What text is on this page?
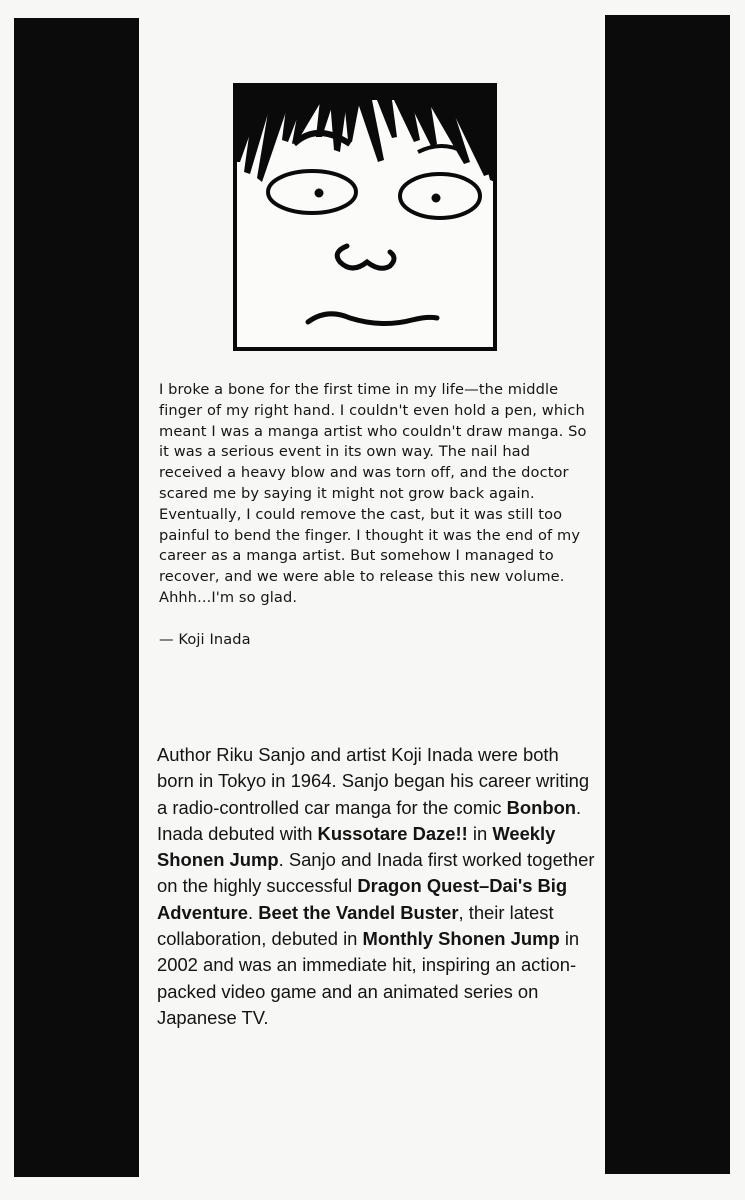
I broke a bone for the first time in my life—the middle finger of my right hand. I couldn't even hold a pen, which meant I was a manga artist who couldn't draw manga. So it was a serious event in its own way. The nail had received a heavy blow and was torn off, and the doctor scared me by saying it might not grow back again. Eventually, I could remove the cast, but it was still too painful to bend the finger. I thought it was the end of my career as a manga artist. But somehow I managed to recover, and we were able to release this new volume. Ahhh...I'm so glad.

— Koji Inada

Author Riku Sanjo and artist Koji Inada were both born in Tokyo in 1964. Sanjo began his career writing a radio-controlled car manga for the comic Bonbon. Inada debuted with Kussotare Daze!! in Weekly Shonen Jump. Sanjo and Inada first worked together on the highly successful Dragon Quest–Dai's Big Adventure. Beet the Vandel Buster, their latest collaboration, debuted in Monthly Shonen Jump in 2002 and was an immediate hit, inspiring an action-packed video game and an animated series on Japanese TV.
